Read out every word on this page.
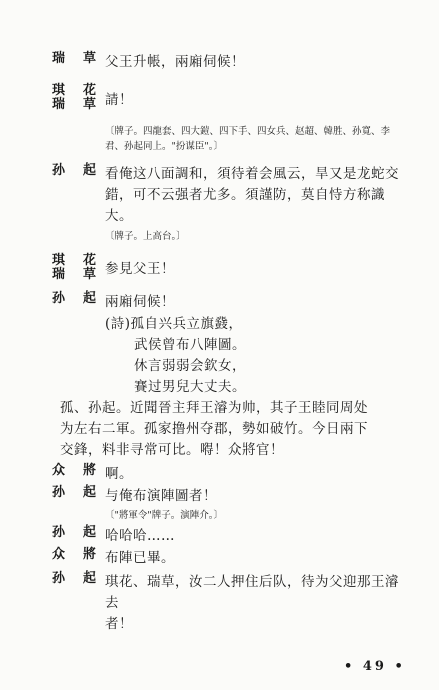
瑞 草 父王升帳，兩廂伺候！
琪 花
瑞 草 請！
〔牌子。四龍套、四大鎧、四下手、四女兵、赵超、韓胜、孙寬、李君、孙起同上。"扮谋臣"。〕
孙 起 看俺这八面調和，須待着会風云，旱又是龙蛇交
錯，可不云强者尤多。須謹防，莫自恃方称識
大。
〔牌子。上高台。〕
琪 花
瑞 草 参見父王！
孙 起 兩廂伺候！
(詩)孤自兴兵立旗鼗，
武侯曾布八陣圖。
休言弱弱会欽女，
賽过男兒大丈夫。
孤、孙起。近聞晉主拜王濬为帅，其子王睦同周处
为左右二軍。孤家撸州夺郡，勢如破竹。今日兩下
交鋒，料非寻常可比。嘚！众將官！
众 將 啊。
孙 起 与俺布演陣圖者！
〔"將軍令"牌子。演陣介。〕
孙 起 哈哈哈……
众 將 布陣已畢。
孙 起 琪花、瑞草，汝二人押住后队，待为父迎那王濬去
者！
• 49 •
